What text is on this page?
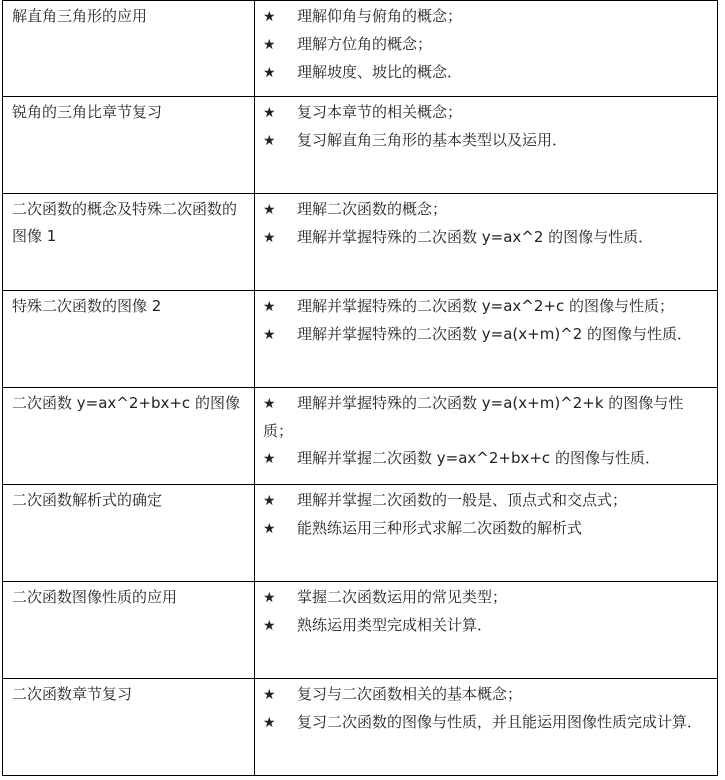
解直角三角形的应用	★ 理解仰角与俯角的概念；
★ 理解方位角的概念；
★ 理解坡度、坡比的概念．

锐角的三角比章节复习	★ 复习本章节的相关概念；
★ 复习解直角三角形的基本类型以及运用．

二次函数的概念及特殊二次函数的图像 1	★ 理解二次函数的概念；
★ 理解并掌握特殊的二次函数 y=ax^2 的图像与性质．

特殊二次函数的图像 2	★ 理解并掌握特殊的二次函数 y=ax^2+c 的图像与性质；
★ 理解并掌握特殊的二次函数 y=a(x+m)^2 的图像与性质．

二次函数 y=ax^2+bx+c 的图像	★ 理解并掌握特殊的二次函数 y=a(x+m)^2+k 的图像与性质；
★ 理解并掌握二次函数 y=ax^2+bx+c 的图像与性质．

二次函数解析式的确定	★ 理解并掌握二次函数的一般是、顶点式和交点式；
★ 能熟练运用三种形式求解二次函数的解析式

二次函数图像性质的应用	★ 掌握二次函数运用的常见类型；
★ 熟练运用类型完成相关计算．

二次函数章节复习	★ 复习与二次函数相关的基本概念；
★ 复习二次函数的图像与性质，并且能运用图像性质完成计算．
